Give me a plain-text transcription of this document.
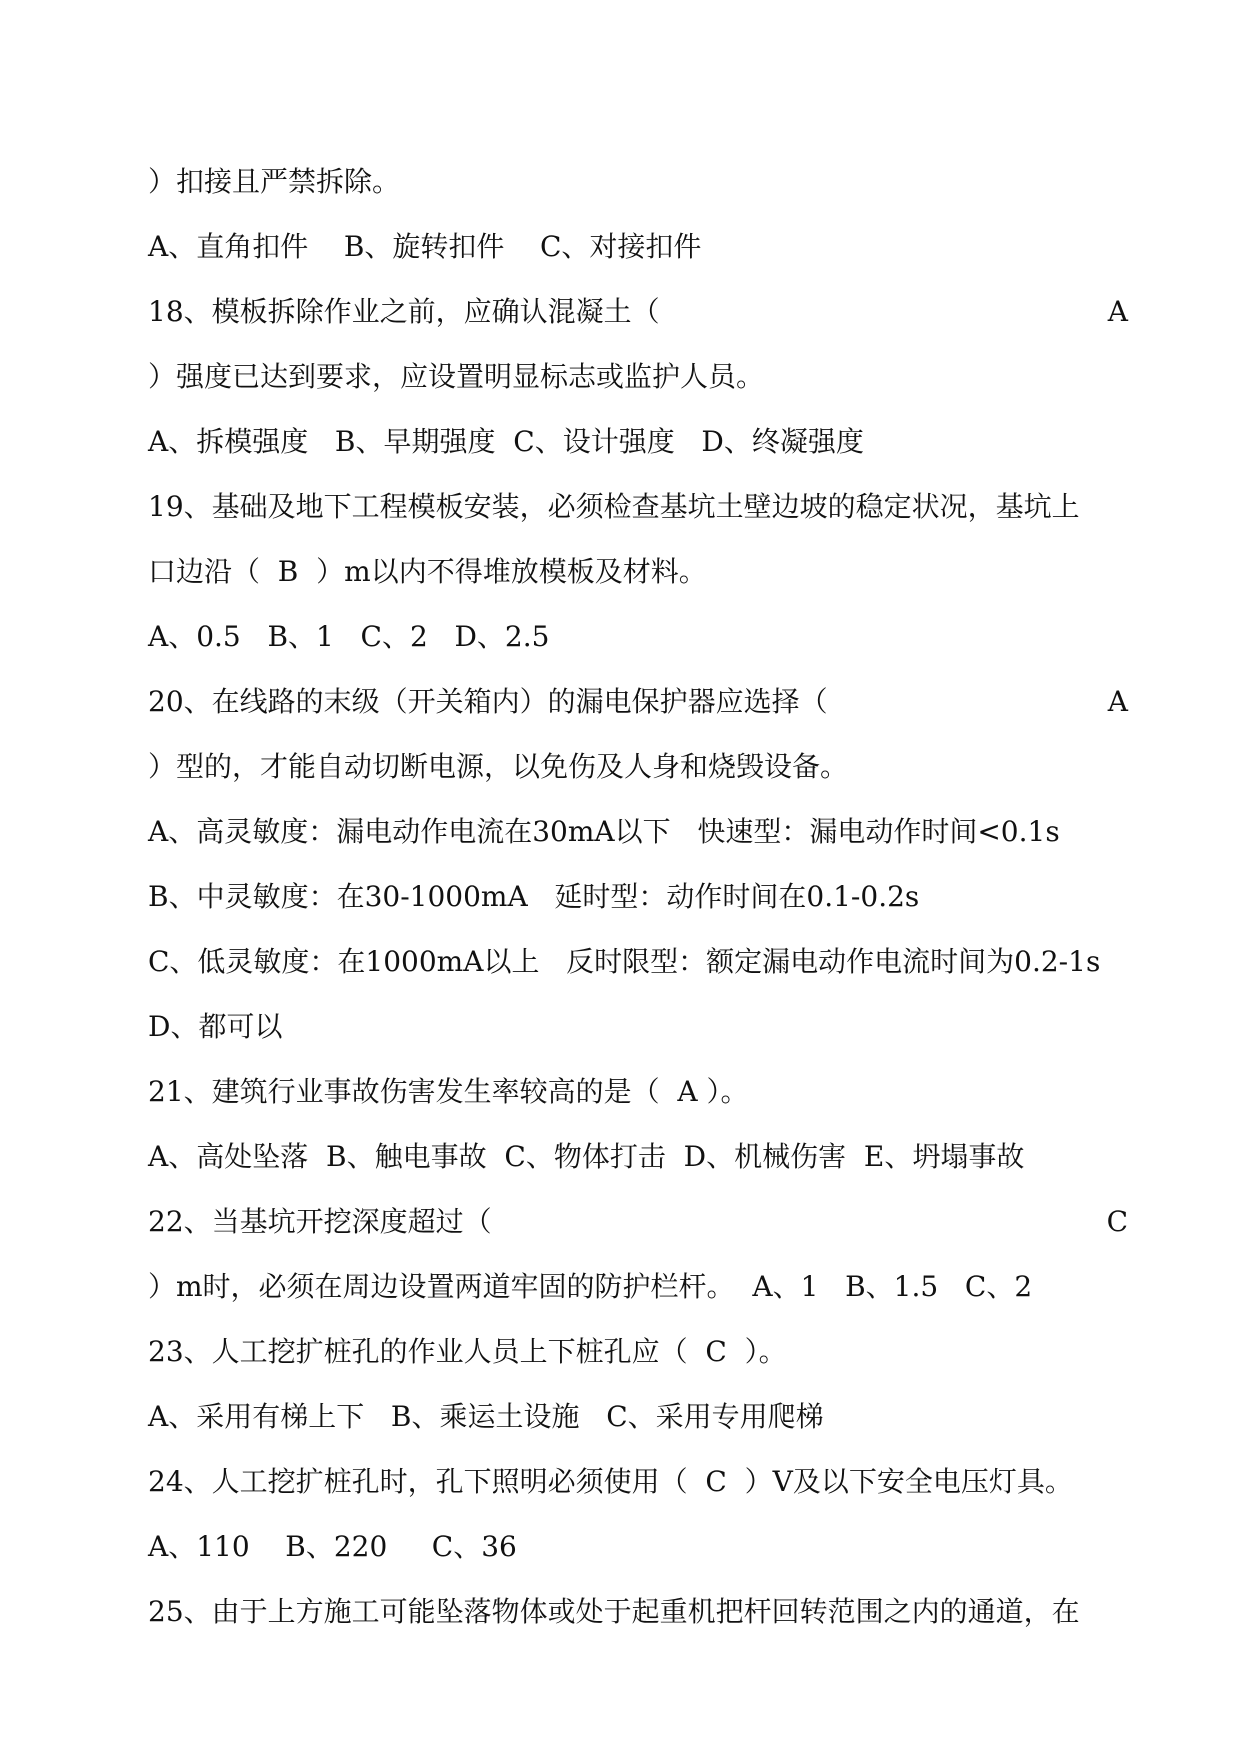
）扣接且严禁拆除。
A、直角扣件    B、旋转扣件    C、对接扣件
18、模板拆除作业之前，应确认混凝土（	A
）强度已达到要求，应设置明显标志或监护人员。
A、拆模强度   B、早期强度  C、设计强度   D、终凝强度
19、基础及地下工程模板安装，必须检查基坑土壁边坡的稳定状况，基坑上
口边沿（  B  ）m以内不得堆放模板及材料。
A、0.5   B、1   C、2   D、2.5
20、在线路的末级（开关箱内）的漏电保护器应选择（	A
）型的，才能自动切断电源，以免伤及人身和烧毁设备。
A、高灵敏度：漏电动作电流在30mA以下   快速型：漏电动作时间<0.1s
B、中灵敏度：在30-1000mA   延时型：动作时间在0.1-0.2s
C、低灵敏度：在1000mA以上   反时限型：额定漏电动作电流时间为0.2-1s
D、都可以
21、建筑行业事故伤害发生率较高的是（  A ）。
A、高处坠落  B、触电事故  C、物体打击  D、机械伤害  E、坍塌事故
22、当基坑开挖深度超过（	C
）m时，必须在周边设置两道牢固的防护栏杆。  A、1   B、1.5   C、2
23、人工挖扩桩孔的作业人员上下桩孔应（  C  ）。
A、采用有梯上下   B、乘运土设施   C、采用专用爬梯
24、人工挖扩桩孔时，孔下照明必须使用（  C  ）V及以下安全电压灯具。
A、110    B、220     C、36
25、由于上方施工可能坠落物体或处于起重机把杆回转范围之内的通道，在
